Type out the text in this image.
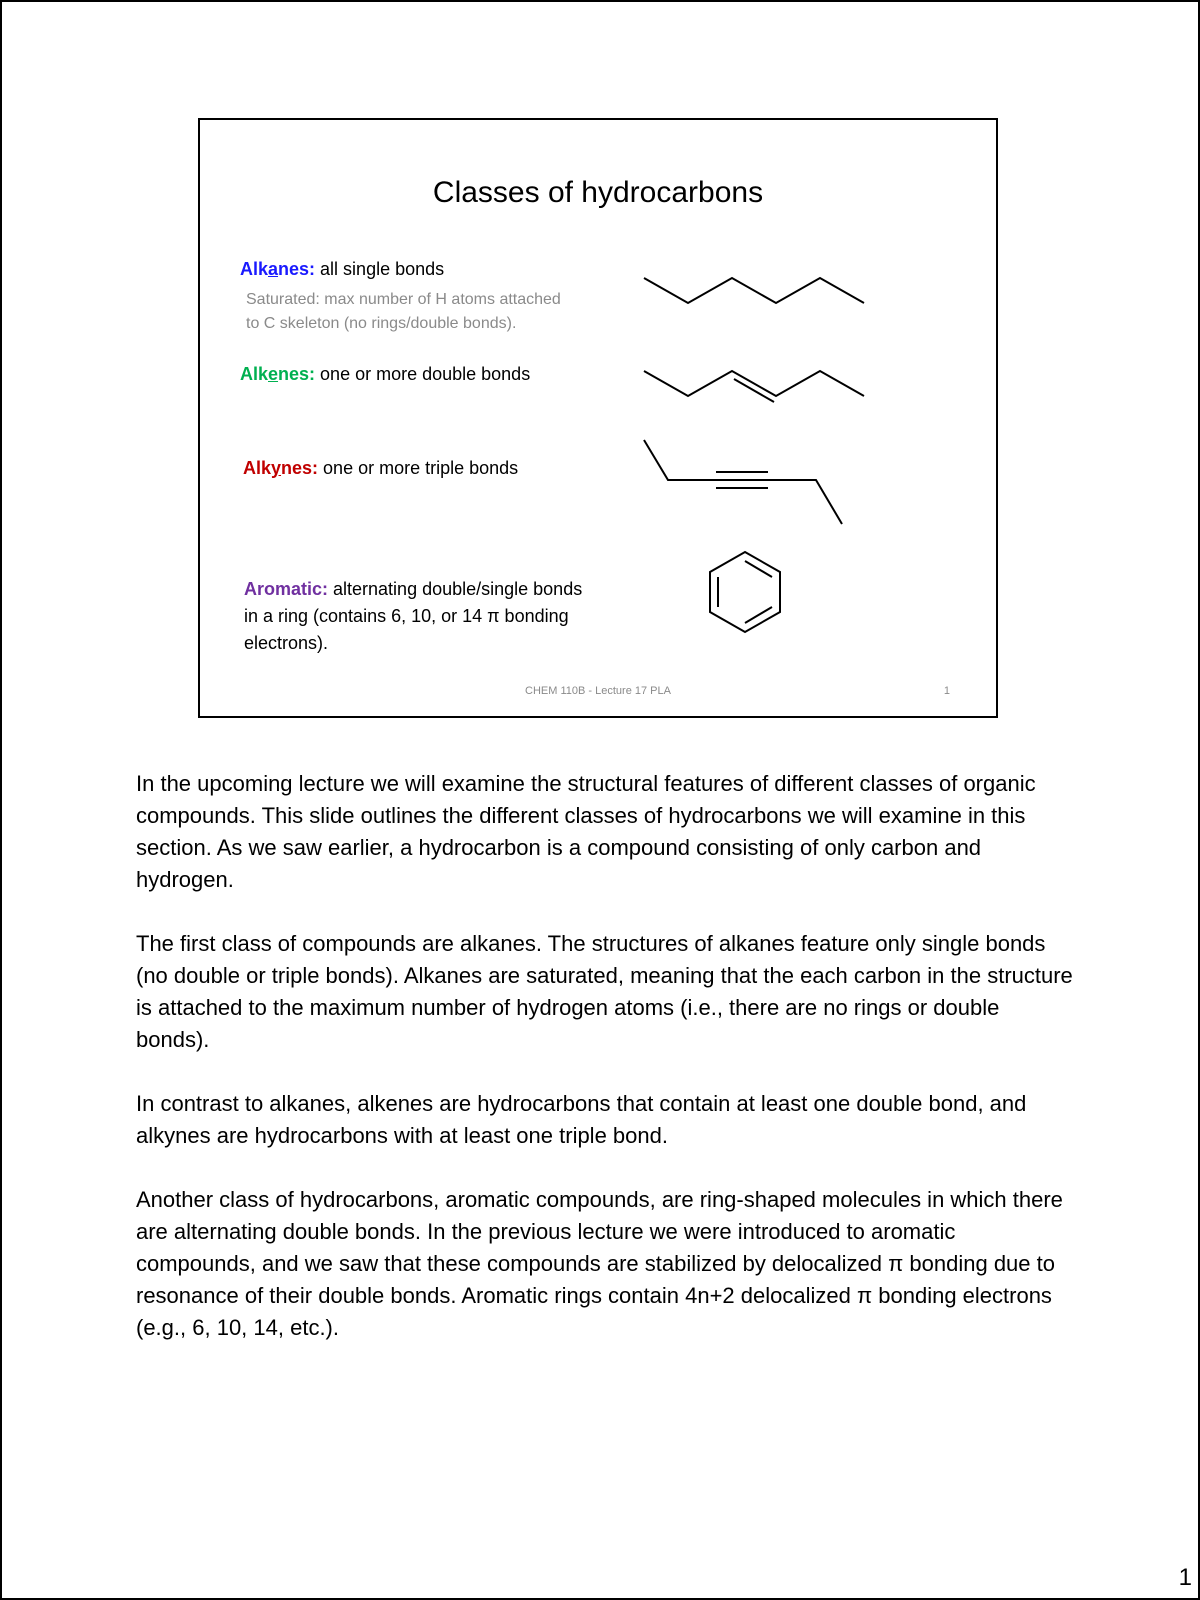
Classes of hydrocarbons
Alkanes: all single bonds
Saturated: max number of H atoms attached to C skeleton (no rings/double bonds).
Alkenes: one or more double bonds
Alkynes: one or more triple bonds
Aromatic: alternating double/single bonds in a ring (contains 6, 10, or 14 π bonding electrons).
CHEM 110B - Lecture 17 PLA	1

In the upcoming lecture we will examine the structural features of different classes of organic compounds. This slide outlines the different classes of hydrocarbons we will examine in this section. As we saw earlier, a hydrocarbon is a compound consisting of only carbon and hydrogen.

The first class of compounds are alkanes. The structures of alkanes feature only single bonds (no double or triple bonds). Alkanes are saturated, meaning that the each carbon in the structure is attached to the maximum number of hydrogen atoms (i.e., there are no rings or double bonds).

In contrast to alkanes, alkenes are hydrocarbons that contain at least one double bond, and alkynes are hydrocarbons with at least one triple bond.

Another class of hydrocarbons, aromatic compounds, are ring-shaped molecules in which there are alternating double bonds. In the previous lecture we were introduced to aromatic compounds, and we saw that these compounds are stabilized by delocalized π bonding due to resonance of their double bonds. Aromatic rings contain 4n+2 delocalized π bonding electrons (e.g., 6, 10, 14, etc.).

1
